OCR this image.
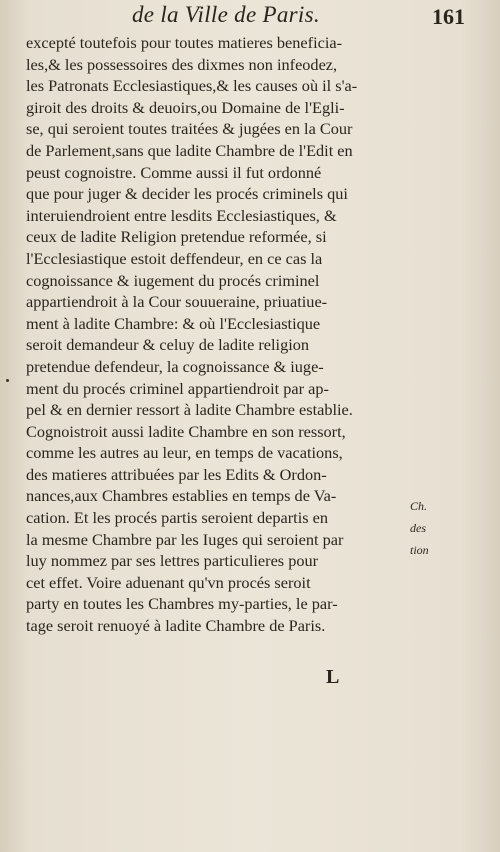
de la Ville de Paris.	161
excepté toutefois pour toutes matieres beneficia-
les,& les possessoires des dixmes non infeodez,
les Patronats Ecclesiastiques,& les causes où il s'a-
giroit des droits & deuoirs,ou Domaine de l'Egli-
se, qui seroient toutes traitées & jugées en la Cour
de Parlement,sans que ladite Chambre de l'Edit en
peust cognoistre. Comme aussi il fut ordonné
que pour juger & decider les procés criminels qui
interuiendroient entre lesdits Ecclesiastiques, &
ceux de ladite Religion pretendue reformée, si
l'Ecclesiastique estoit deffendeur, en ce cas la
cognoissance & iugement du procés criminel
appartiendroit à la Cour souueraine, priuatiue-
ment à ladite Chambre: & où l'Ecclesiastique
seroit demandeur & celuy de ladite religion
pretendue defendeur, la cognoissance & iuge-
ment du procés criminel appartiendroit par ap-
pel & en dernier ressort à ladite Chambre establie.
Cognoistroit aussi ladite Chambre en son ressort,
comme les autres au leur, en temps de vacations,
des matieres attribuées par les Edits & Ordon-
nances,aux Chambres establies en temps de Va-
cation. Et les procés partis seroient departis en
la mesme Chambre par les Iuges qui seroient par
luy nommez par ses lettres particulieres pour
cet effet. Voire aduenant qu'vn procés seroit
party en toutes les Chambres my-parties, le par-
tage seroit renuoyé à ladite Chambre de Paris.
Ch.
des
tion
L
